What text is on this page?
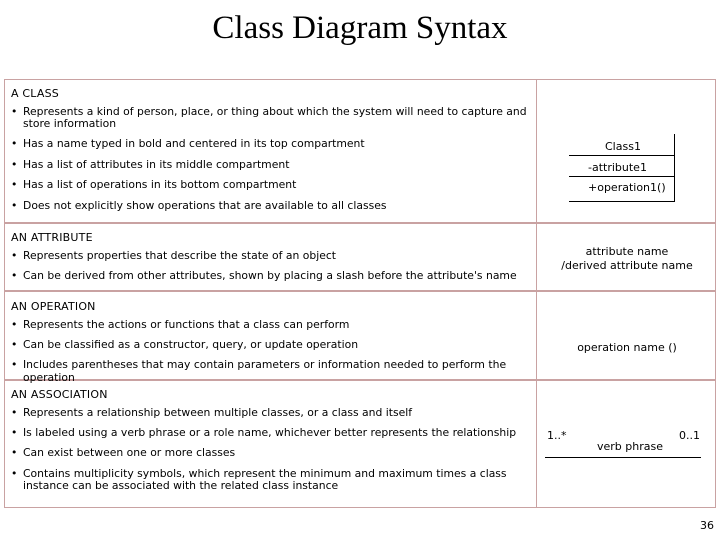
Class Diagram Syntax
A CLASS
• Represents a kind of person, place, or thing about which the system will need to capture and store information
• Has a name typed in bold and centered in its top compartment
• Has a list of attributes in its middle compartment
• Has a list of operations in its bottom compartment
• Does not explicitly show operations that are available to all classes
Class1
-attribute1
+operation1()
AN ATTRIBUTE
• Represents properties that describe the state of an object
• Can be derived from other attributes, shown by placing a slash before the attribute's name
attribute name
/derived attribute name
AN OPERATION
• Represents the actions or functions that a class can perform
• Can be classified as a constructor, query, or update operation
• Includes parentheses that may contain parameters or information needed to perform the operation
operation name ()
AN ASSOCIATION
• Represents a relationship between multiple classes, or a class and itself
• Is labeled using a verb phrase or a role name, whichever better represents the relationship
• Can exist between one or more classes
• Contains multiplicity symbols, which represent the minimum and maximum times a class instance can be associated with the related class instance
1..*
verb phrase
0..1
36
